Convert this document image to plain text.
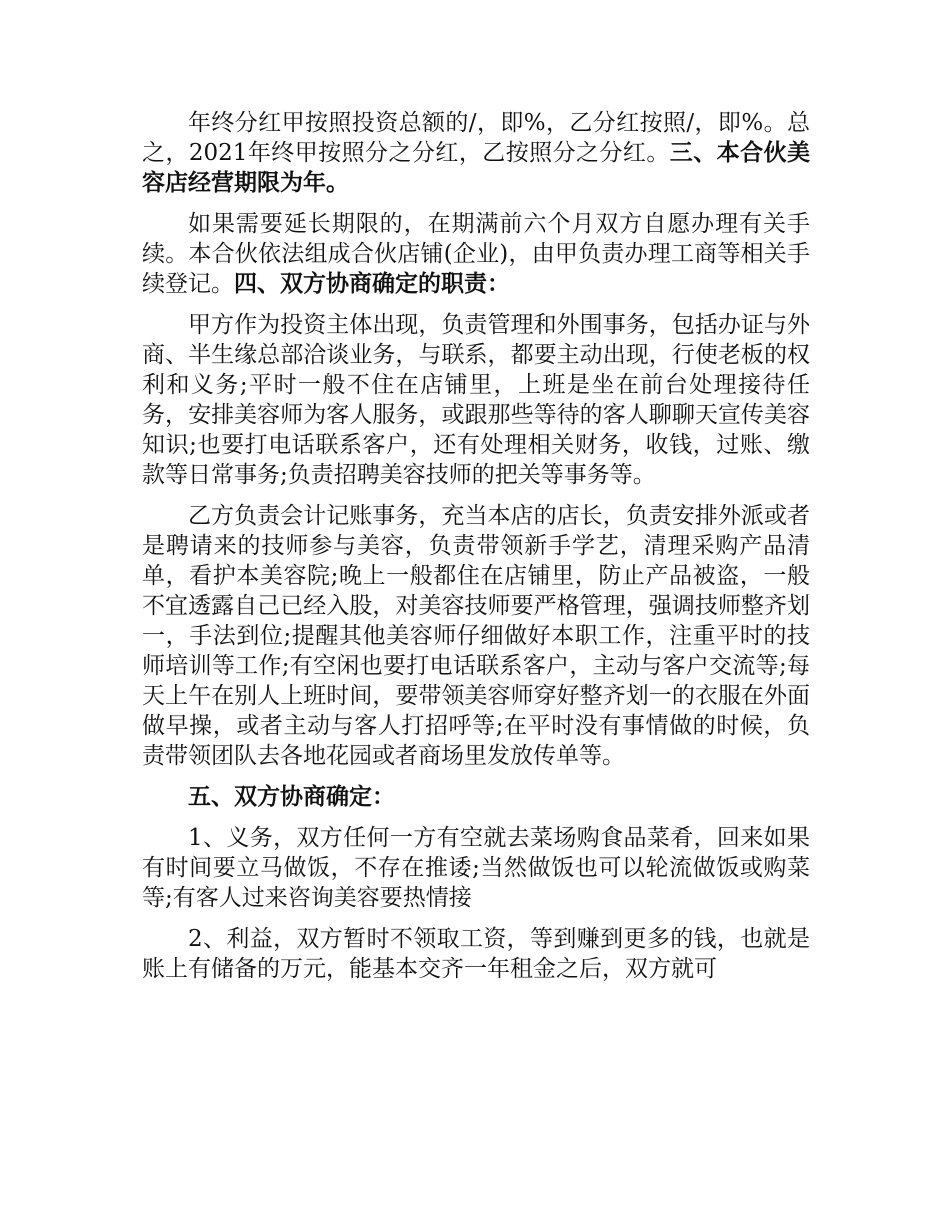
年终分红甲按照投资总额的/，即%，乙分红按照/，即%。总之，2021年终甲按照分之分红，乙按照分之分红。三、本合伙美容店经营期限为年。

如果需要延长期限的，在期满前六个月双方自愿办理有关手续。本合伙依法组成合伙店铺(企业)，由甲负责办理工商等相关手续登记。四、双方协商确定的职责：

甲方作为投资主体出现，负责管理和外围事务，包括办证与外商、半生缘总部洽谈业务，与联系，都要主动出现，行使老板的权利和义务;平时一般不住在店铺里，上班是坐在前台处理接待任务，安排美容师为客人服务，或跟那些等待的客人聊聊天宣传美容知识;也要打电话联系客户，还有处理相关财务，收钱，过账、缴款等日常事务;负责招聘美容技师的把关等事务等。

乙方负责会计记账事务，充当本店的店长，负责安排外派或者是聘请来的技师参与美容，负责带领新手学艺，清理采购产品清单，看护本美容院;晚上一般都住在店铺里，防止产品被盗，一般不宜透露自己已经入股，对美容技师要严格管理，强调技师整齐划一，手法到位;提醒其他美容师仔细做好本职工作，注重平时的技师培训等工作;有空闲也要打电话联系客户，主动与客户交流等;每天上午在别人上班时间，要带领美容师穿好整齐划一的衣服在外面做早操，或者主动与客人打招呼等;在平时没有事情做的时候，负责带领团队去各地花园或者商场里发放传单等。

五、双方协商确定：

1、义务，双方任何一方有空就去菜场购食品菜肴，回来如果有时间要立马做饭，不存在推诿;当然做饭也可以轮流做饭或购菜等;有客人过来咨询美容要热情接

2、利益，双方暂时不领取工资，等到赚到更多的钱，也就是账上有储备的万元，能基本交齐一年租金之后，双方就可
